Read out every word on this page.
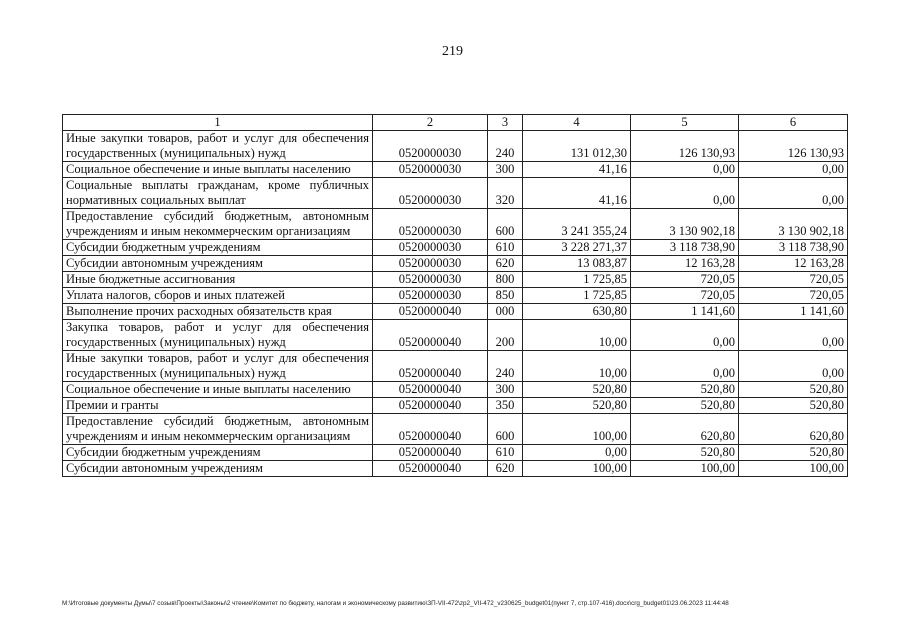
219
1	2	3	4	5	6
Иные закупки товаров, работ и услуг для обеспечения государственных (муниципальных) нужд	0520000030	240	131 012,30	126 130,93	126 130,93
Социальное обеспечение и иные выплаты населению	0520000030	300	41,16	0,00	0,00
Социальные выплаты гражданам, кроме публичных нормативных социальных выплат	0520000030	320	41,16	0,00	0,00
Предоставление субсидий бюджетным, автономным учреждениям и иным некоммерческим организациям	0520000030	600	3 241 355,24	3 130 902,18	3 130 902,18
Субсидии бюджетным учреждениям	0520000030	610	3 228 271,37	3 118 738,90	3 118 738,90
Субсидии автономным учреждениям	0520000030	620	13 083,87	12 163,28	12 163,28
Иные бюджетные ассигнования	0520000030	800	1 725,85	720,05	720,05
Уплата налогов, сборов и иных платежей	0520000030	850	1 725,85	720,05	720,05
Выполнение прочих расходных обязательств края	0520000040	000	630,80	1 141,60	1 141,60
Закупка товаров, работ и услуг для обеспечения государственных (муниципальных) нужд	0520000040	200	10,00	0,00	0,00
Иные закупки товаров, работ и услуг для обеспечения государственных (муниципальных) нужд	0520000040	240	10,00	0,00	0,00
Социальное обеспечение и иные выплаты населению	0520000040	300	520,80	520,80	520,80
Премии и гранты	0520000040	350	520,80	520,80	520,80
Предоставление субсидий бюджетным, автономным учреждениям и иным некоммерческим организациям	0520000040	600	100,00	620,80	620,80
Субсидии бюджетным учреждениям	0520000040	610	0,00	520,80	520,80
Субсидии автономным учреждениям	0520000040	620	100,00	100,00	100,00
M:\Итоговые документы Думы\7 созыв\Проекты\Законы\2 чтение\Комитет по бюджету, налогам и экономическому развитию\ЗП-VII-472\zp2_VII-472_v230625_budget01(пункт 7, стр.107-416).docx\crg_budget01\23.06.2023 11:44:48
